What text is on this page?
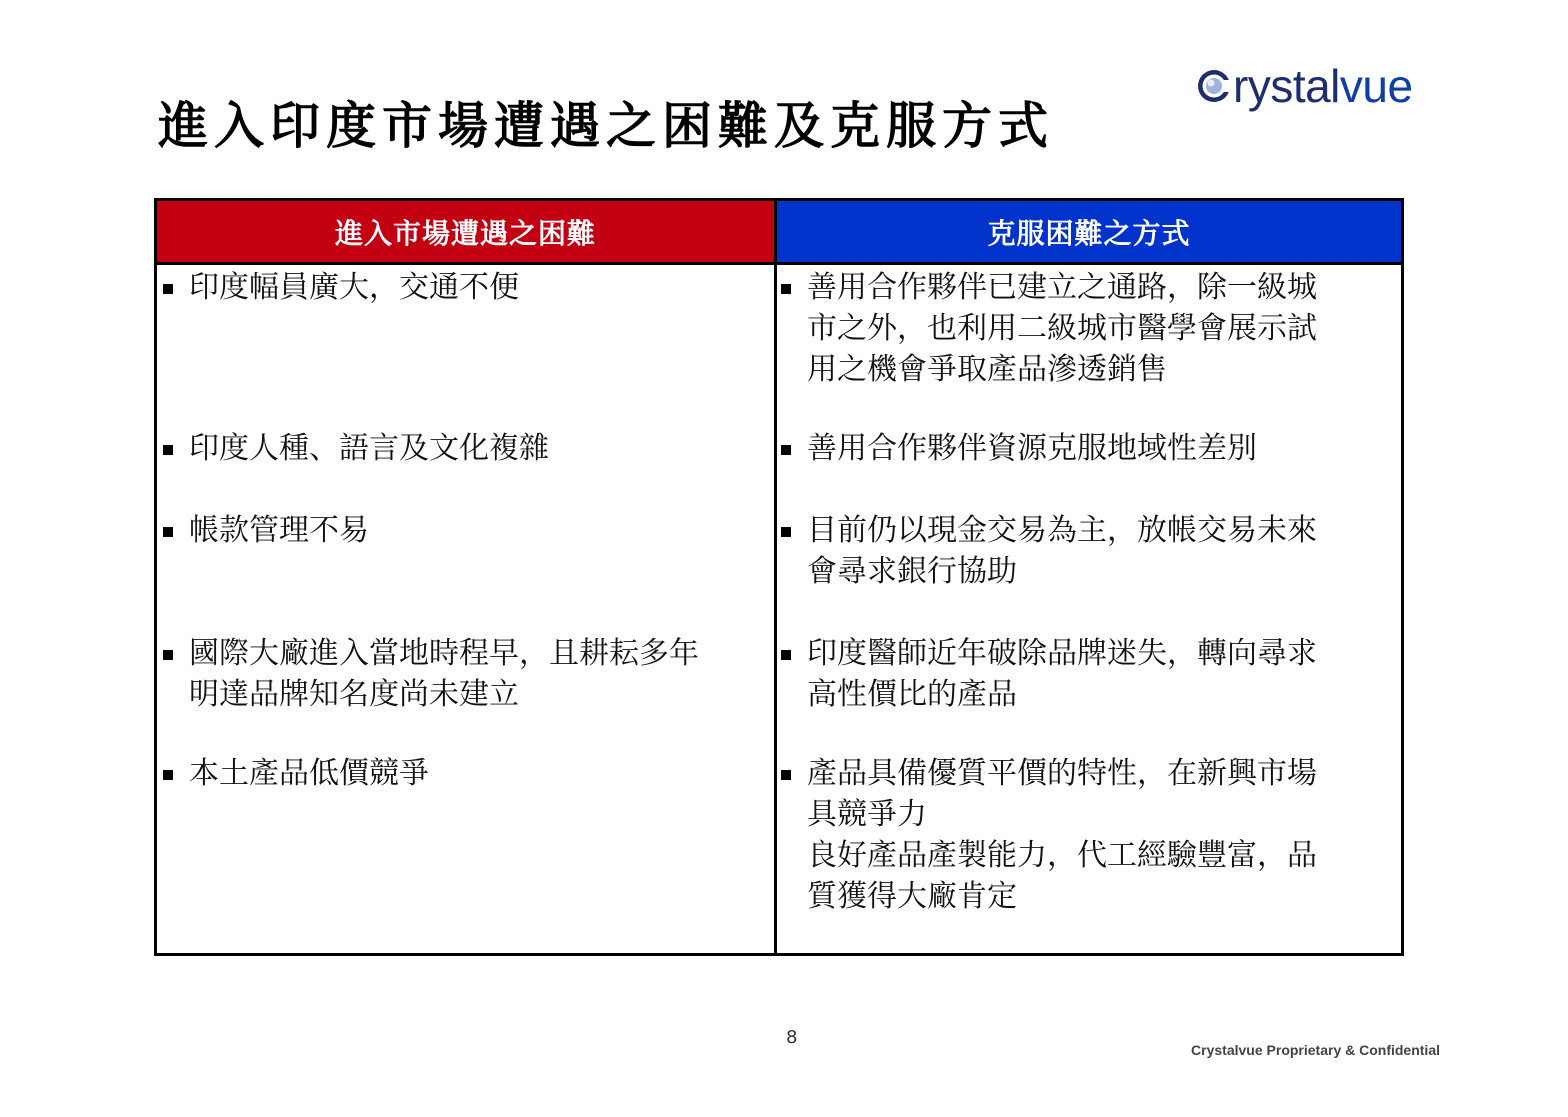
進入印度市場遭遇之困難及克服方式
rystalvue
進入市場遭遇之困難	克服困難之方式
印度幅員廣大，交通不便
印度人種、語言及文化複雜
帳款管理不易
國際大廠進入當地時程早，且耕耘多年
明達品牌知名度尚未建立
本土產品低價競爭
善用合作夥伴已建立之通路，除一級城
市之外，也利用二級城市醫學會展示試
用之機會爭取產品滲透銷售
善用合作夥伴資源克服地域性差別
目前仍以現金交易為主，放帳交易未來
會尋求銀行協助
印度醫師近年破除品牌迷失，轉向尋求
高性價比的產品
產品具備優質平價的特性，在新興市場
具競爭力
良好產品產製能力，代工經驗豐富，品
質獲得大廠肯定
8
Crystalvue Proprietary & Confidential
